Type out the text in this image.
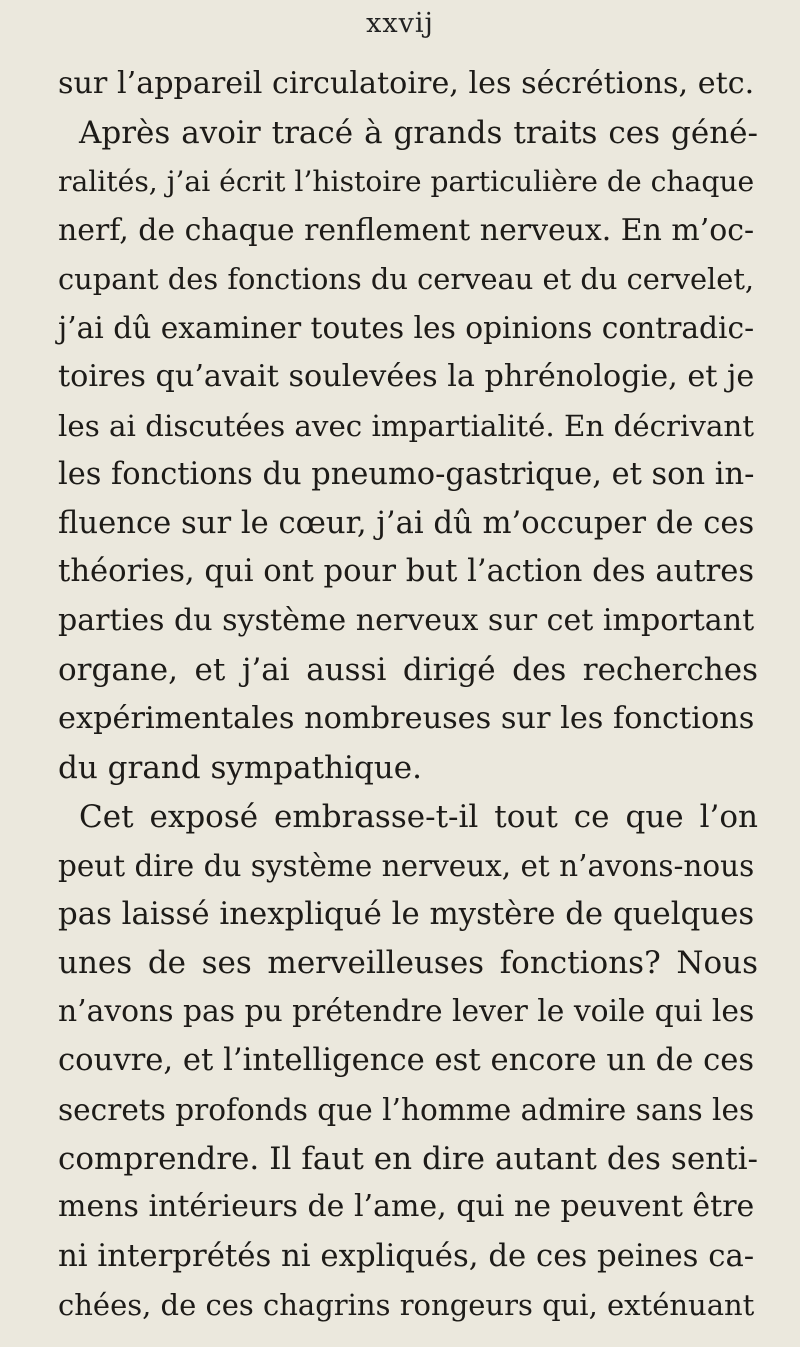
xxvij
sur l’appareil circulatoire, les sécrétions, etc.
Après avoir tracé à grands traits ces géné-
ralités, j’ai écrit l’histoire particulière de chaque
nerf, de chaque renflement nerveux. En m’oc-
cupant des fonctions du cerveau et du cervelet,
j’ai dû examiner toutes les opinions contradic-
toires qu’avait soulevées la phrénologie, et je
les ai discutées avec impartialité. En décrivant
les fonctions du pneumo-gastrique, et son in-
fluence sur le cœur, j’ai dû m’occuper de ces
théories, qui ont pour but l’action des autres
parties du système nerveux sur cet important
organe, et j’ai aussi dirigé des recherches
expérimentales nombreuses sur les fonctions
du grand sympathique.
Cet exposé embrasse-t-il tout ce que l’on
peut dire du système nerveux, et n’avons-nous
pas laissé inexpliqué le mystère de quelques
unes de ses merveilleuses fonctions? Nous
n’avons pas pu prétendre lever le voile qui les
couvre, et l’intelligence est encore un de ces
secrets profonds que l’homme admire sans les
comprendre. Il faut en dire autant des senti-
mens intérieurs de l’ame, qui ne peuvent être
ni interprétés ni expliqués, de ces peines ca-
chées, de ces chagrins rongeurs qui, exténuant
